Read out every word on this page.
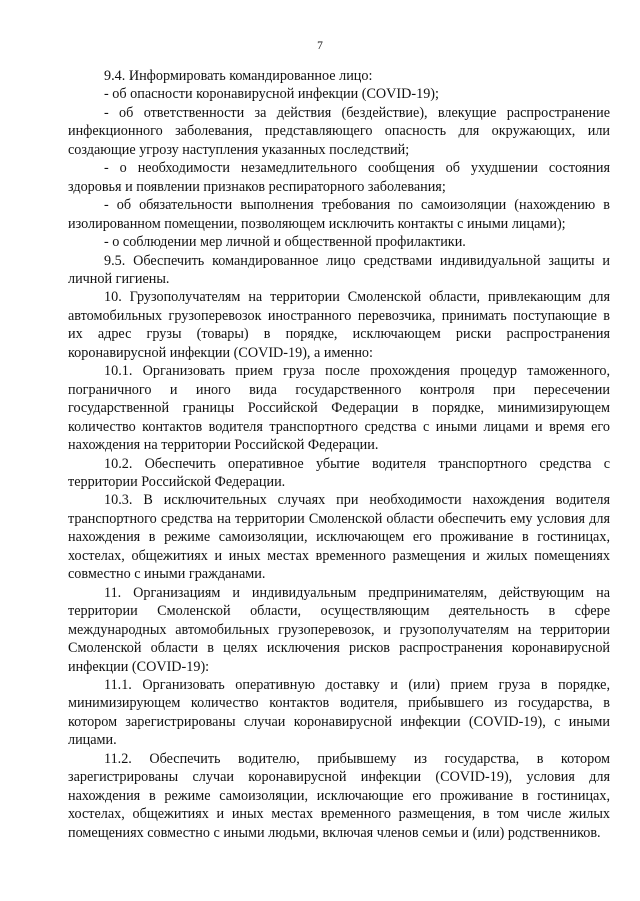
7

9.4. Информировать командированное лицо:

- об опасности коронавирусной инфекции (COVID-19);

- об ответственности за действия (бездействие), влекущие распространение инфекционного заболевания, представляющего опасность для окружающих, или создающие угрозу наступления указанных последствий;

- о необходимости незамедлительного сообщения об ухудшении состояния здоровья и появлении признаков респираторного заболевания;

- об обязательности выполнения требования по самоизоляции (нахождению в изолированном помещении, позволяющем исключить контакты с иными лицами);

- о соблюдении мер личной и общественной профилактики.

9.5. Обеспечить командированное лицо средствами индивидуальной защиты и личной гигиены.

10. Грузополучателям на территории Смоленской области, привлекающим для автомобильных грузоперевозок иностранного перевозчика, принимать поступающие в их адрес грузы (товары) в порядке, исключающем риски распространения коронавирусной инфекции (COVID-19), а именно:

10.1. Организовать прием груза после прохождения процедур таможенного, пограничного и иного вида государственного контроля при пересечении государственной границы Российской Федерации в порядке, минимизирующем количество контактов водителя транспортного средства с иными лицами и время его нахождения на территории Российской Федерации.

10.2. Обеспечить оперативное убытие водителя транспортного средства с территории Российской Федерации.

10.3. В исключительных случаях при необходимости нахождения водителя транспортного средства на территории Смоленской области обеспечить ему условия для нахождения в режиме самоизоляции, исключающем его проживание в гостиницах, хостелах, общежитиях и иных местах временного размещения и жилых помещениях совместно с иными гражданами.

11. Организациям и индивидуальным предпринимателям, действующим на территории Смоленской области, осуществляющим деятельность в сфере международных автомобильных грузоперевозок, и грузополучателям на территории Смоленской области в целях исключения рисков распространения коронавирусной инфекции (COVID-19):

11.1. Организовать оперативную доставку и (или) прием груза в порядке, минимизирующем количество контактов водителя, прибывшего из государства, в котором зарегистрированы случаи коронавирусной инфекции (COVID-19), с иными лицами.

11.2. Обеспечить водителю, прибывшему из государства, в котором зарегистрированы случаи коронавирусной инфекции (COVID-19), условия для нахождения в режиме самоизоляции, исключающие его проживание в гостиницах, хостелах, общежитиях и иных местах временного размещения, в том числе жилых помещениях совместно с иными людьми, включая членов семьи и (или) родственников.
